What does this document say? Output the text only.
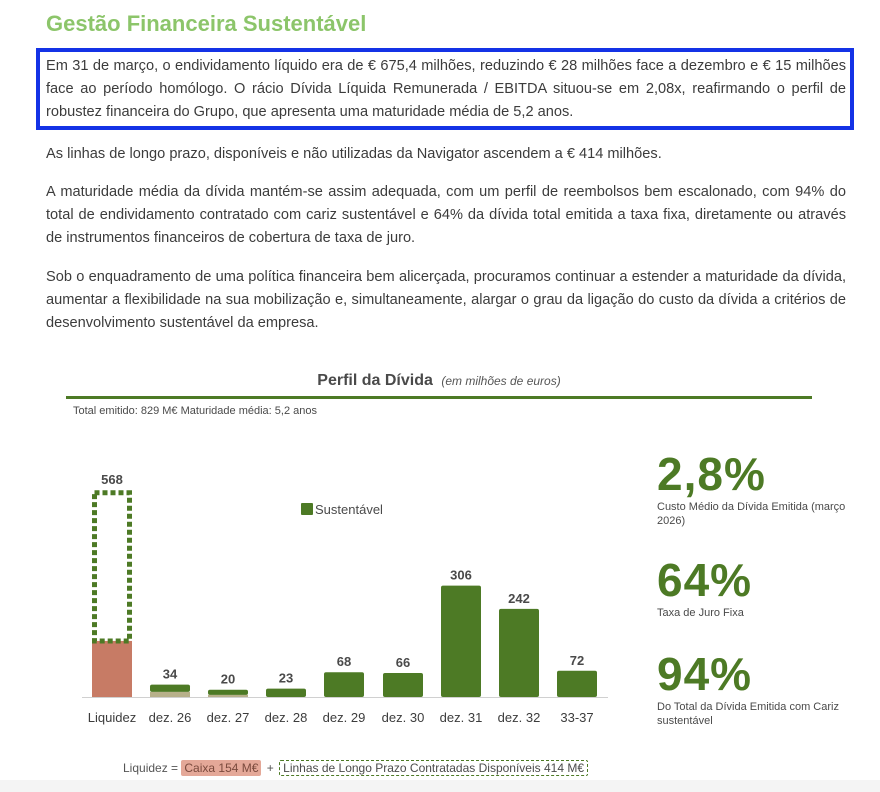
Gestão Financeira Sustentável

Em 31 de março, o endividamento líquido era de € 675,4 milhões, reduzindo € 28 milhões face a dezembro e € 15 milhões face ao período homólogo. O rácio Dívida Líquida Remunerada / EBITDA situou-se em 2,08x, reafirmando o perfil de robustez financeira do Grupo, que apresenta uma maturidade média de 5,2 anos.

As linhas de longo prazo, disponíveis e não utilizadas da Navigator ascendem a € 414 milhões.

A maturidade média da dívida mantém-se assim adequada, com um perfil de reembolsos bem escalonado, com 94% do total de endividamento contratado com cariz sustentável e 64% da dívida total emitida a taxa fixa, diretamente ou através de instrumentos financeiros de cobertura de taxa de juro.

Sob o enquadramento de uma política financeira bem alicerçada, procuramos continuar a estender a maturidade da dívida, aumentar a flexibilidade na sua mobilização e, simultaneamente, alargar o grau da ligação do custo da dívida a critérios de desenvolvimento sustentável da empresa.

Perfil da Dívida (em milhões de euros)
Total emitido: 829 M€ Maturidade média: 5,2 anos
568
Liquidez
34
dez. 26
20
dez. 27
23
dez. 28
68
dez. 29
66
dez. 30
306
dez. 31
242
dez. 32
72
33-37
Sustentável
2,8%
Custo Médio da Dívida Emitida (março 2026)
64%
Taxa de Juro Fixa
94%
Do Total da Dívida Emitida com Cariz sustentável
Liquidez = Caixa 154 M€ + Linhas de Longo Prazo Contratadas Disponíveis 414 M€
